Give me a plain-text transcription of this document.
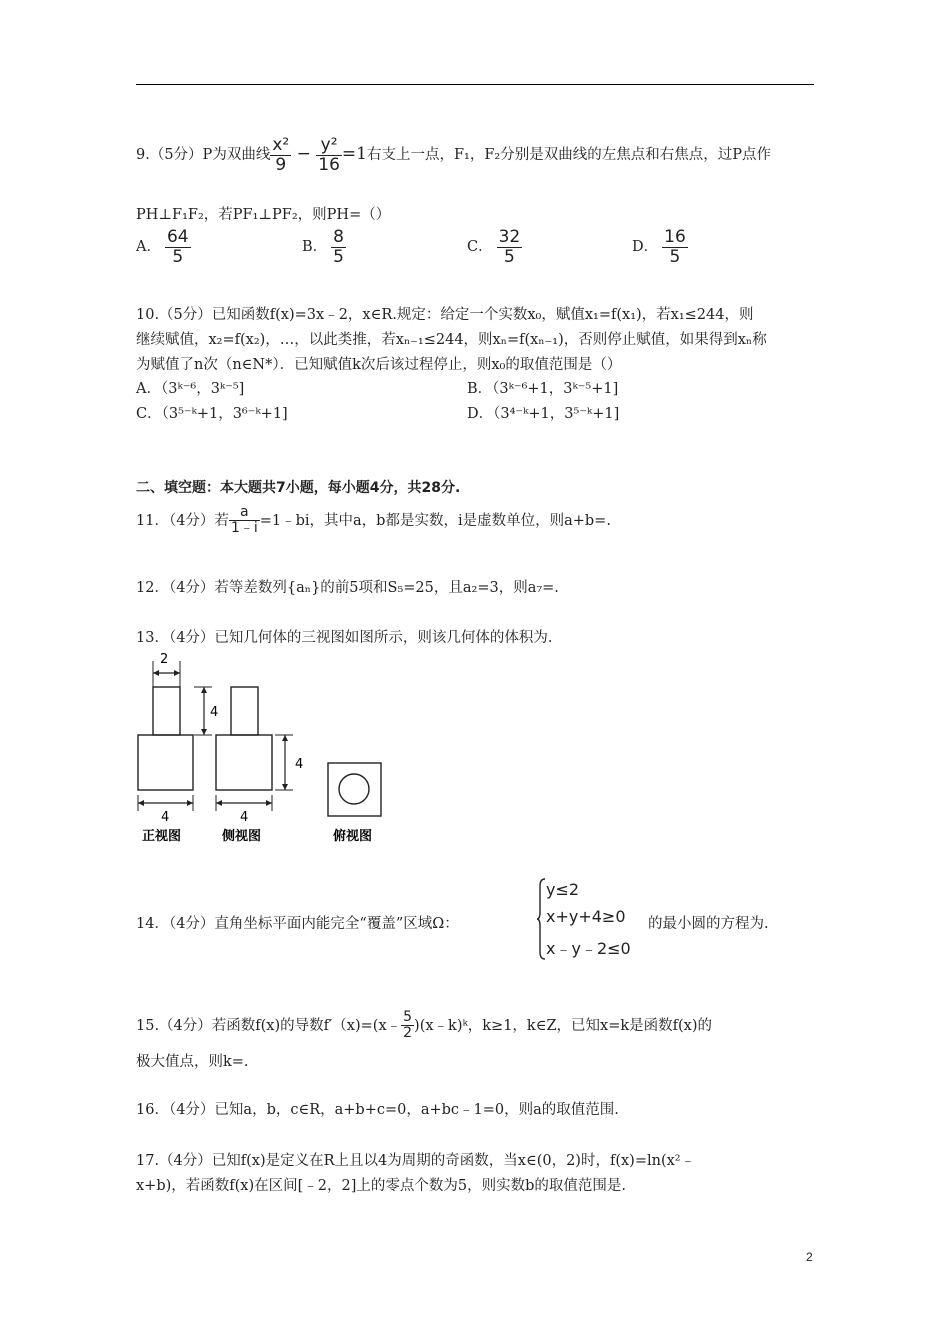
9.（5分）P为双曲线 $\frac{\text{x²}}{9} - \frac{\text{y²}}{16} =1$右支上一点，F₁，F₂分别是双曲线的左焦点和右焦点，过P点作
PH⊥F₁F₂，若PF₁⊥PF₂，则PH=（）
A． $\frac{64}{5}$	B． $\frac{8}{5}$	C． $\frac{32}{5}$	D． $\frac{16}{5}$
10.（5分）已知函数f(x)=3x﹣2，x∈R.规定：给定一个实数x₀，赋值x₁=f(x₁)，若x₁≤244，则
继续赋值，x₂=f(x₂)，…，以此类推，若xₙ₋₁≤244，则xₙ=f(xₙ₋₁)，否则停止赋值，如果得到xₙ称
为赋值了n次（n∈N*）．已知赋值k次后该过程停止，则x₀的取值范围是（）
A．（3ᵏ⁻⁶，3ᵏ⁻⁵]	B．（3ᵏ⁻⁶+1，3ᵏ⁻⁵+1]
C．（3⁵⁻ᵏ+1，3⁶⁻ᵏ+1]	D．（3⁴⁻ᵏ+1，3⁵⁻ᵏ+1]
二、填空题：本大题共7小题，每小题4分，共28分.
11．（4分）若 $\frac{a}{1﹣i}$ =1﹣bi，其中a，b都是实数，i是虚数单位，则a+b=.
12．（4分）若等差数列{aₙ}的前5项和S₅=25，且a₂=3，则a₇=.
13．（4分）已知几何体的三视图如图所示，则该几何体的体积为.
2
4
4	4
4
正视图	侧视图	俯视图
14．（4分）直角坐标平面内能完全“覆盖”区域Ω：
y≤2
x+y+4≥0
x﹣y﹣2≤0
的最小圆的方程为.
15.（4分）若函数f(x)的导数f′（x)=(x﹣ $\frac{5}{2}$ )(x﹣k)ᵏ，k≥1，k∈Z，已知x=k是函数f(x)的
极大值点，则k=.
16．（4分）已知a，b，c∈R，a+b+c=0，a+bc﹣1=0，则a的取值范围.
17.（4分）已知f(x)是定义在R上且以4为周期的奇函数，当x∈(0，2)时，f(x)=ln(x²﹣
x+b)，若函数f(x)在区间[﹣2，2]上的零点个数为5，则实数b的取值范围是.
2
